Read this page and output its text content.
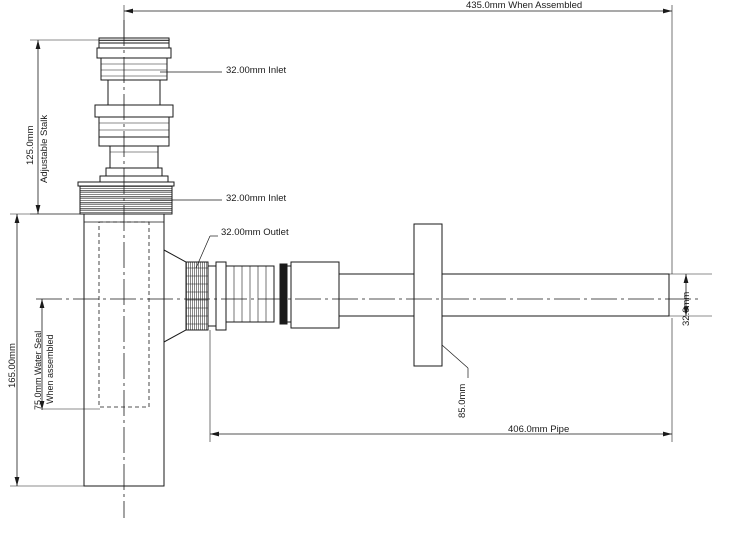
435.0mm When Assembled
32.00mm Inlet
32.00mm Inlet
32.00mm Outlet
125.0mm Adjustable Stalk
165.00mm 75.0mm Water Seal When assembled
406.0mm Pipe
32.0mm
85.0mm
